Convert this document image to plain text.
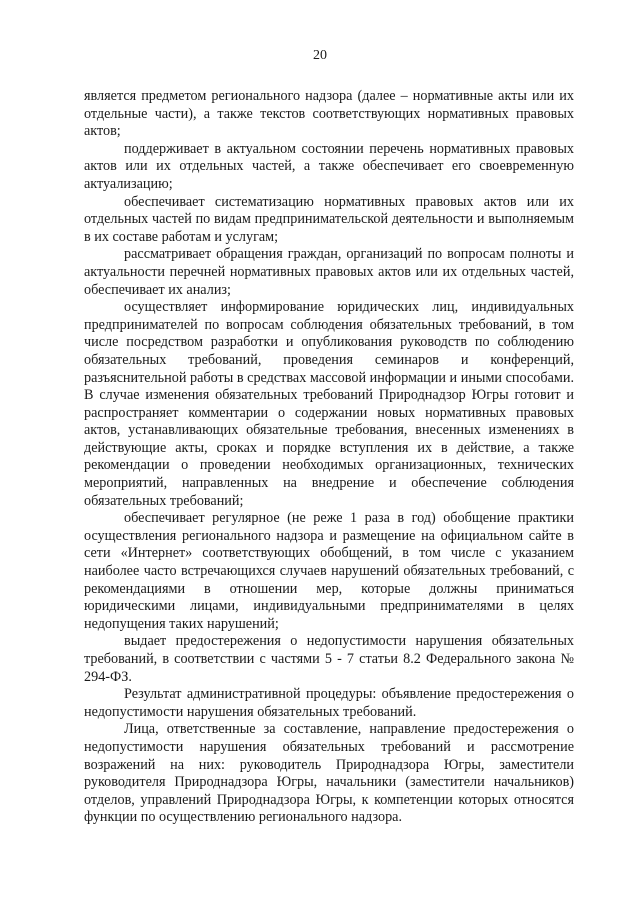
20

является предметом регионального надзора (далее – нормативные акты или их отдельные части), а также текстов соответствующих нормативных правовых актов;

поддерживает в актуальном состоянии перечень нормативных правовых актов или их отдельных частей, а также обеспечивает его своевременную актуализацию;

обеспечивает систематизацию нормативных правовых актов или их отдельных частей по видам предпринимательской деятельности и выполняемым в их составе работам и услугам;

рассматривает обращения граждан, организаций по вопросам полноты и актуальности перечней нормативных правовых актов или их отдельных частей, обеспечивает их анализ;

осуществляет информирование юридических лиц, индивидуальных предпринимателей по вопросам соблюдения обязательных требований, в том числе посредством разработки и опубликования руководств по соблюдению обязательных требований, проведения семинаров и конференций, разъяснительной работы в средствах массовой информации и иными способами. В случае изменения обязательных требований Природнадзор Югры готовит и распространяет комментарии о содержании новых нормативных правовых актов, устанавливающих обязательные требования, внесенных изменениях в действующие акты, сроках и порядке вступления их в действие, а также рекомендации о проведении необходимых организационных, технических мероприятий, направленных на внедрение и обеспечение соблюдения обязательных требований;

обеспечивает регулярное (не реже 1 раза в год) обобщение практики осуществления регионального надзора и размещение на официальном сайте в сети «Интернет» соответствующих обобщений, в том числе с указанием наиболее часто встречающихся случаев нарушений обязательных требований, с рекомендациями в отношении мер, которые должны приниматься юридическими лицами, индивидуальными предпринимателями в целях недопущения таких нарушений;

выдает предостережения о недопустимости нарушения обязательных требований, в соответствии с частями 5 - 7 статьи 8.2 Федерального закона № 294-ФЗ.

Результат административной процедуры: объявление предостережения о недопустимости нарушения обязательных требований.

Лица, ответственные за составление, направление предостережения о недопустимости нарушения обязательных требований и рассмотрение возражений на них: руководитель Природнадзора Югры, заместители руководителя Природнадзора Югры, начальники (заместители начальников) отделов, управлений Природнадзора Югры, к компетенции которых относятся функции по осуществлению регионального надзора.
